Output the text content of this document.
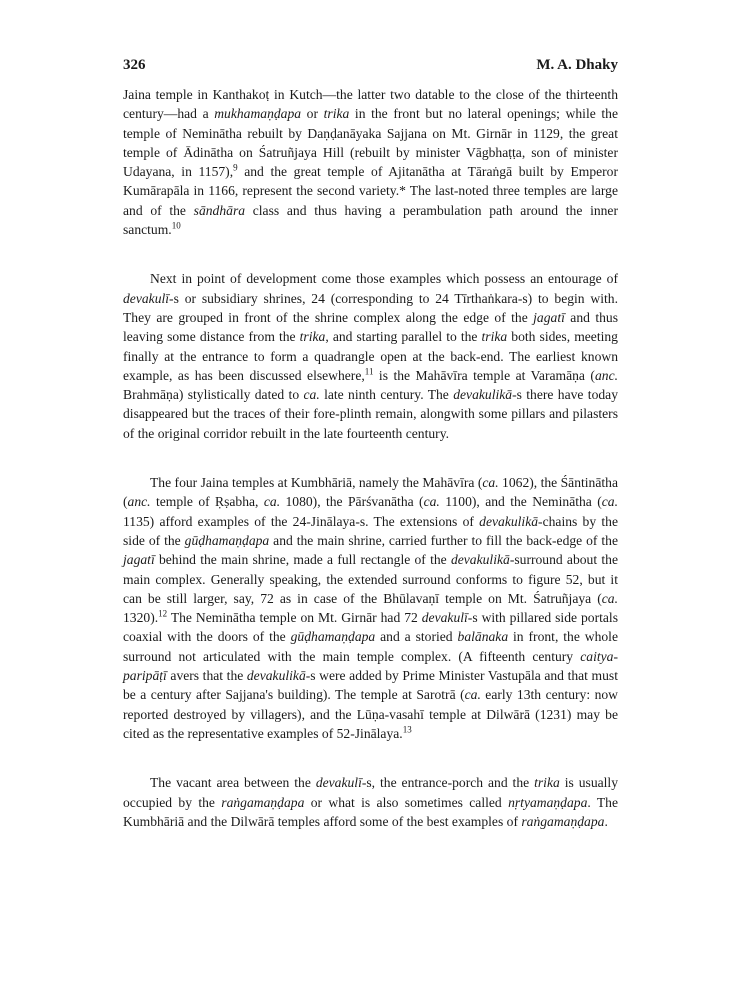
326	M. A. Dhaky

Jaina temple in Kanthakoṭ in Kutch—the latter two datable to the close of the thirteenth century—had a mukhamaṇḍapa or trika in the front but no lateral openings; while the temple of Neminātha rebuilt by Daṇḍanāyaka Sajjana on Mt. Girnār in 1129, the great temple of Ādinātha on Śatruñjaya Hill (rebuilt by minister Vāgbhaṭṭa, son of minister Udayana, in 1157),$^9$ and the great temple of Ajitanātha at Tāraṅgā built by Emperor Kumārapāla in 1166, represent the second variety.* The last-noted three temples are large and of the sāndhāra class and thus having a perambulation path around the inner sanctum.$^{10}$

Next in point of development come those examples which possess an entourage of devakulī-s or subsidiary shrines, 24 (corresponding to 24 Tīrthaṅkara-s) to begin with. They are grouped in front of the shrine complex along the edge of the jagatī and thus leaving some distance from the trika, and starting parallel to the trika both sides, meeting finally at the entrance to form a quadrangle open at the back-end. The earliest known example, as has been discussed elsewhere,$^{11}$ is the Mahāvīra temple at Varamāṇa (anc. Brahmāṇa) stylistically dated to ca. late ninth century. The devakulikā-s there have today disappeared but the traces of their fore-plinth remain, alongwith some pillars and pilasters of the original corridor rebuilt in the late fourteenth century.

The four Jaina temples at Kumbhāriā, namely the Mahāvīra (ca. 1062), the Śāntinātha (anc. temple of Ṛṣabha, ca. 1080), the Pārśvanātha (ca. 1100), and the Neminātha (ca. 1135) afford examples of the 24-Jinālaya-s. The extensions of devakulikā-chains by the side of the gūḍhamaṇḍapa and the main shrine, carried further to fill the back-edge of the jagatī behind the main shrine, made a full rectangle of the devakulikā-surround about the main complex. Generally speaking, the extended surround conforms to figure 52, but it can be still larger, say, 72 as in case of the Bhūlavaṇī temple on Mt. Śatruñjaya (ca. 1320).$^{12}$ The Neminātha temple on Mt. Girnār had 72 devakulī-s with pillared side portals coaxial with the doors of the gūḍhamaṇḍapa and a storied balānaka in front, the whole surround not articulated with the main temple complex. (A fifteenth century caitya-paripāṭī avers that the devakulikā-s were added by Prime Minister Vastupāla and that must be a century after Sajjana's building). The temple at Sarotrā (ca. early 13th century: now reported destroyed by villagers), and the Lūṇa-vasahī temple at Dilwārā (1231) may be cited as the representative examples of 52-Jinālaya.$^{13}$

The vacant area between the devakulī-s, the entrance-porch and the trika is usually occupied by the raṅgamaṇḍapa or what is also sometimes called nṛtyamaṇḍapa. The Kumbhāriā and the Dilwārā temples afford some of the best examples of raṅgamaṇḍapa.
